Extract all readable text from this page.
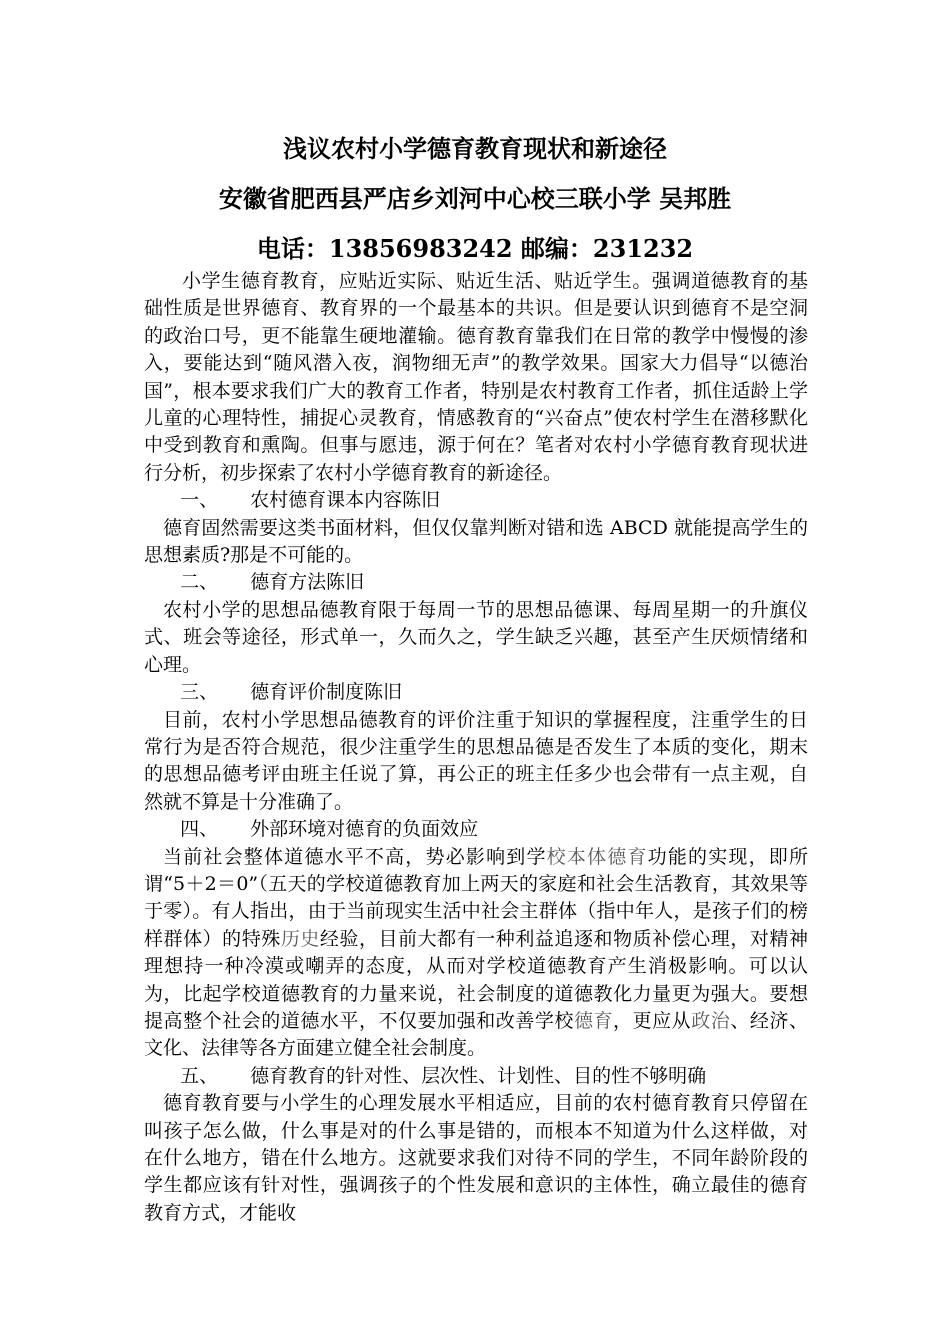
浅议农村小学德育教育现状和新途径
安徽省肥西县严店乡刘河中心校三联小学 吴邦胜
电话：13856983242 邮编：231232

小学生德育教育，应贴近实际、贴近生活、贴近学生。强调道德教育的基础性质是世界德育、教育界的一个最基本的共识。但是要认识到德育不是空洞的政治口号，更不能靠生硬地灌输。德育教育靠我们在日常的教学中慢慢的渗入，要能达到“随风潜入夜，润物细无声”的教学效果。国家大力倡导“以德治国”，根本要求我们广大的教育工作者，特别是农村教育工作者，抓住适龄上学儿童的心理特性，捕捉心灵教育，情感教育的“兴奋点”使农村学生在潜移默化中受到教育和熏陶。但事与愿违，源于何在？笔者对农村小学德育教育现状进行分析，初步探索了农村小学德育教育的新途径。

一、 农村德育课本内容陈旧

德育固然需要这类书面材料，但仅仅靠判断对错和选 ABCD 就能提高学生的思想素质?那是不可能的。

二、 德育方法陈旧

农村小学的思想品德教育限于每周一节的思想品德课、每周星期一的升旗仪式、班会等途径，形式单一，久而久之，学生缺乏兴趣，甚至产生厌烦情绪和心理。

三、 德育评价制度陈旧

目前，农村小学思想品德教育的评价注重于知识的掌握程度，注重学生的日常行为是否符合规范，很少注重学生的思想品德是否发生了本质的变化，期末的思想品德考评由班主任说了算，再公正的班主任多少也会带有一点主观，自然就不算是十分准确了。

四、 外部环境对德育的负面效应

当前社会整体道德水平不高，势必影响到学校本体德育功能的实现，即所谓“5＋2＝0”（五天的学校道德教育加上两天的家庭和社会生活教育，其效果等于零）。有人指出，由于当前现实生活中社会主群体（指中年人，是孩子们的榜样群体）的特殊历史经验，目前大都有一种利益追逐和物质补偿心理，对精神理想持一种冷漠或嘲弄的态度，从而对学校道德教育产生消极影响。可以认为，比起学校道德教育的力量来说，社会制度的道德教化力量更为强大。要想提高整个社会的道德水平，不仅要加强和改善学校德育，更应从政治、经济、文化、法律等各方面建立健全社会制度。

五、 德育教育的针对性、层次性、计划性、目的性不够明确

德育教育要与小学生的心理发展水平相适应，目前的农村德育教育只停留在叫孩子怎么做，什么事是对的什么事是错的，而根本不知道为什么这样做，对在什么地方，错在什么地方。这就要求我们对待不同的学生，不同年龄阶段的学生都应该有针对性，强调孩子的个性发展和意识的主体性，确立最佳的德育教育方式，才能收
